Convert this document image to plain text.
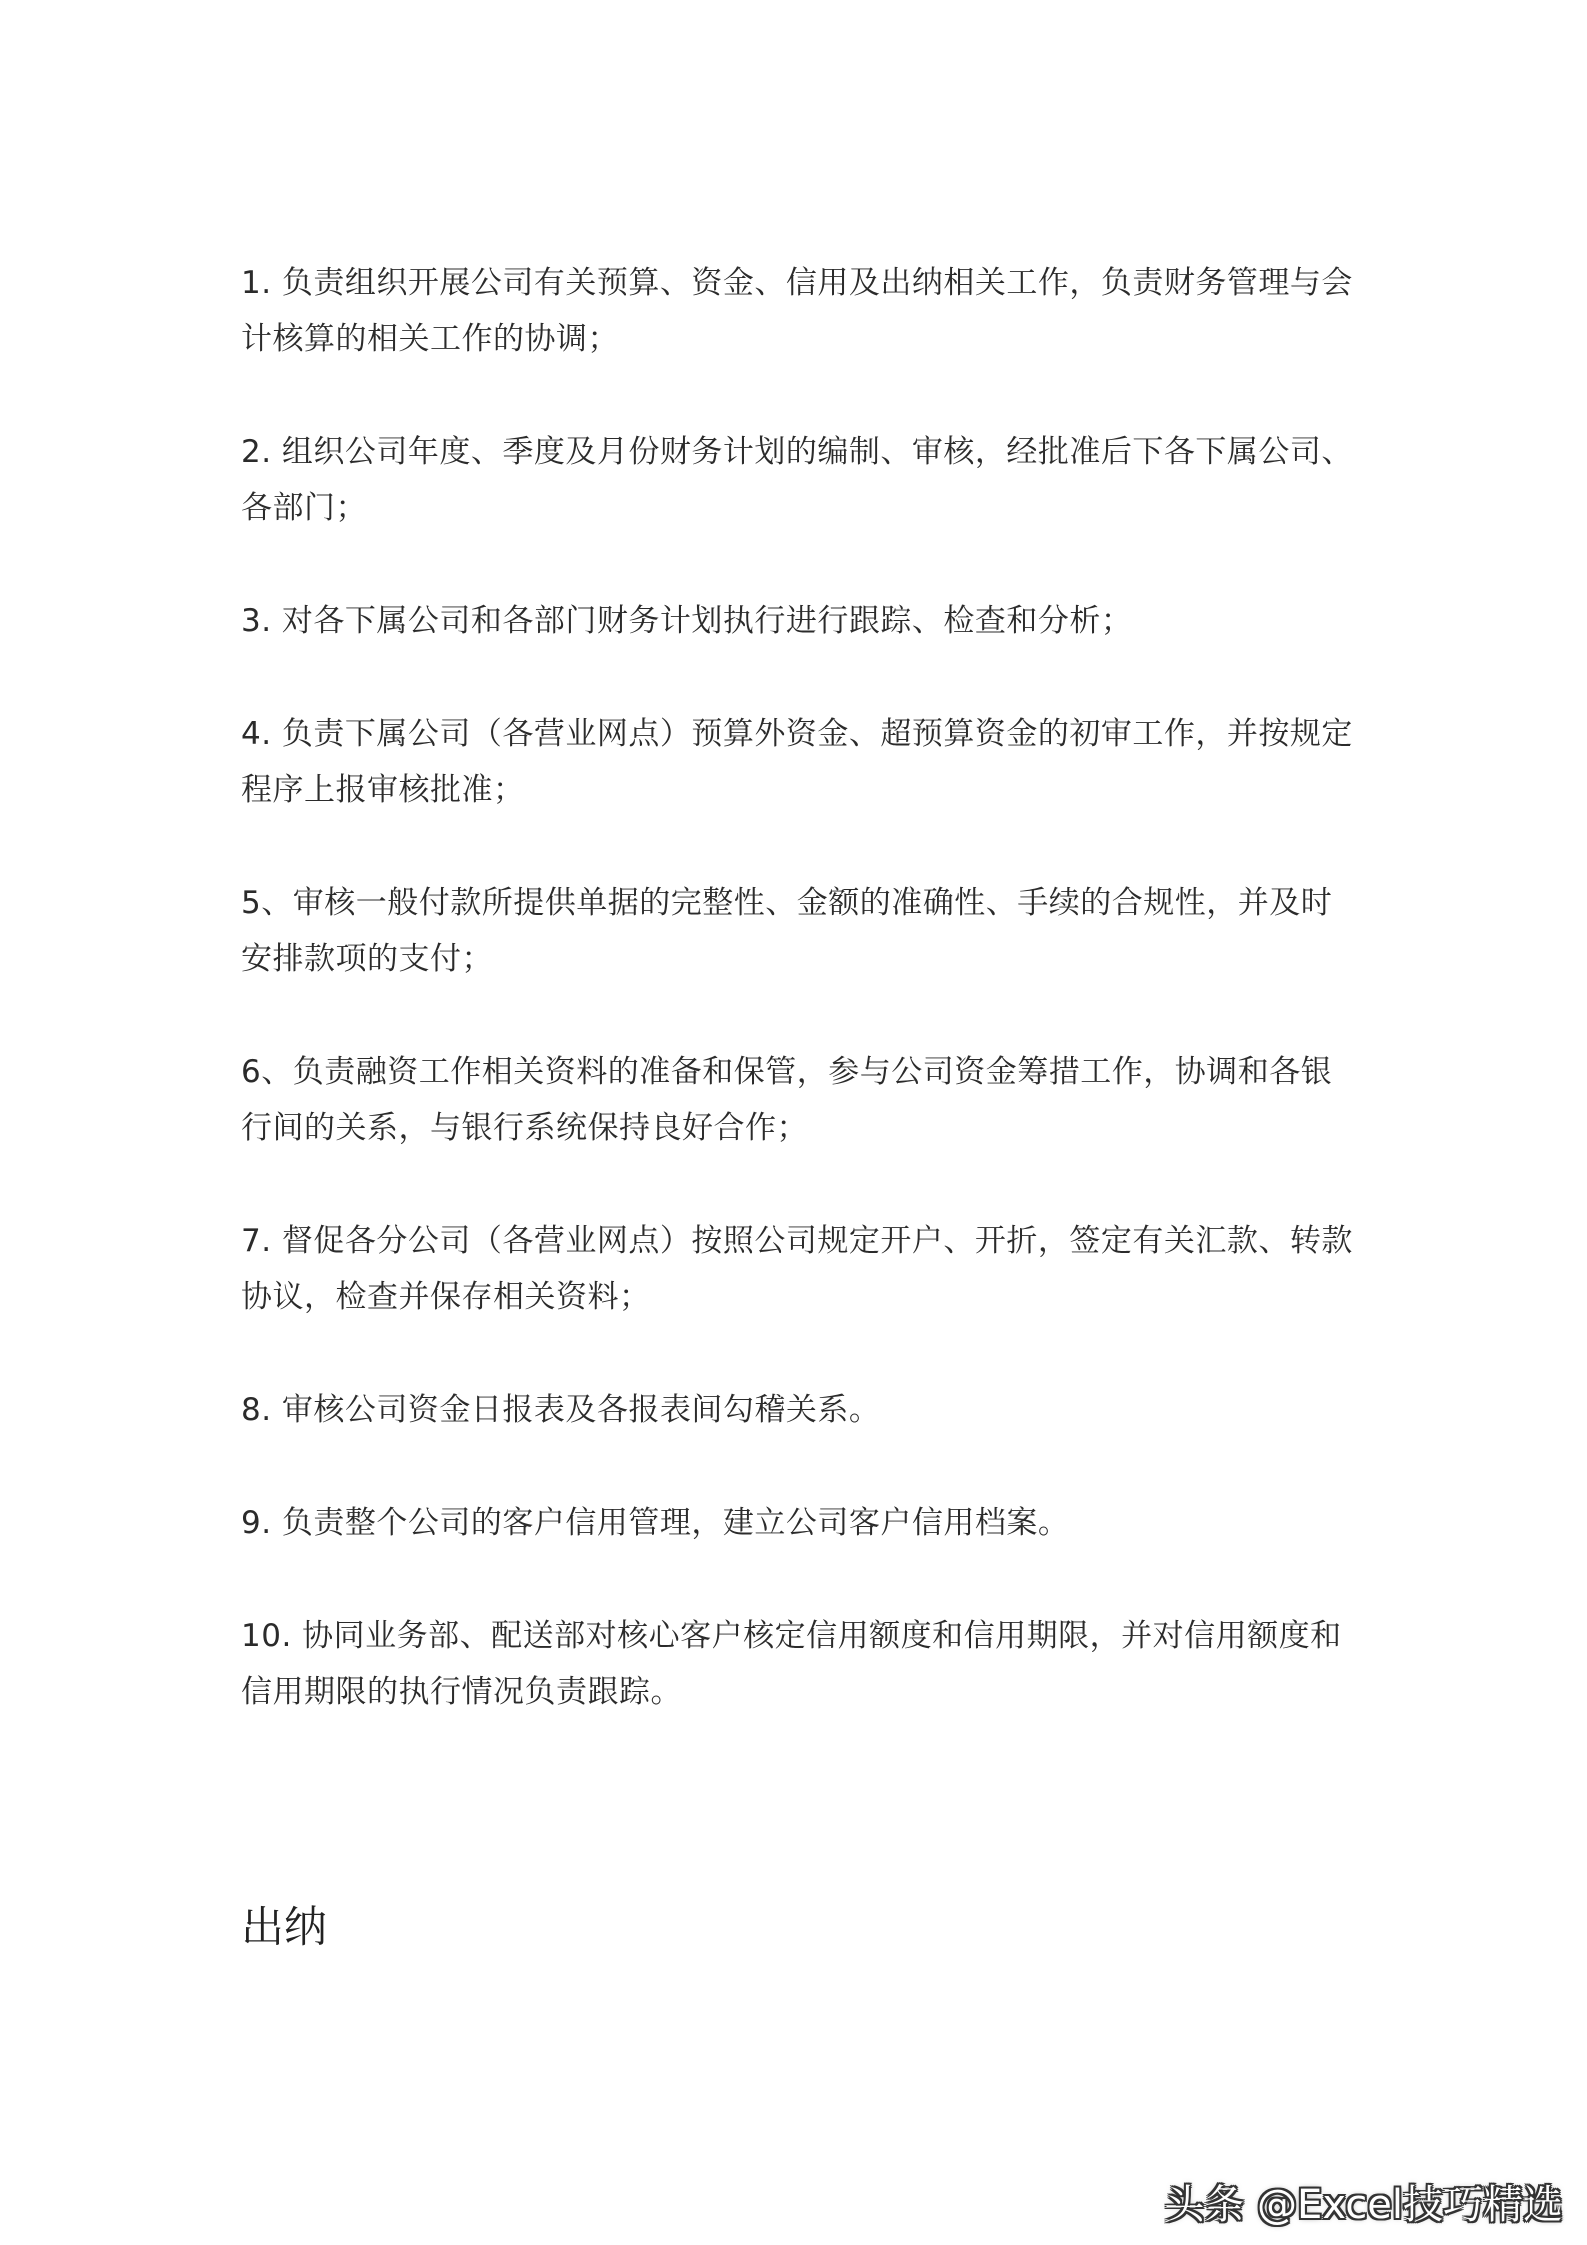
1. 负责组织开展公司有关预算、资金、信用及出纳相关工作，负责财务管理与会计核算的相关工作的协调；

2. 组织公司年度、季度及月份财务计划的编制、审核，经批准后下各下属公司、各部门；

3. 对各下属公司和各部门财务计划执行进行跟踪、检查和分析；

4. 负责下属公司（各营业网点）预算外资金、超预算资金的初审工作，并按规定程序上报审核批准；

5、审核一般付款所提供单据的完整性、金额的准确性、手续的合规性，并及时安排款项的支付；

6、负责融资工作相关资料的准备和保管，参与公司资金筹措工作，协调和各银行间的关系，与银行系统保持良好合作；

7. 督促各分公司（各营业网点）按照公司规定开户、开折，签定有关汇款、转款协议，检查并保存相关资料；

8. 审核公司资金日报表及各报表间勾稽关系。

9. 负责整个公司的客户信用管理，建立公司客户信用档案。

10. 协同业务部、配送部对核心客户核定信用额度和信用期限，并对信用额度和信用期限的执行情况负责跟踪。

出纳
头条 @Excel技巧精选
